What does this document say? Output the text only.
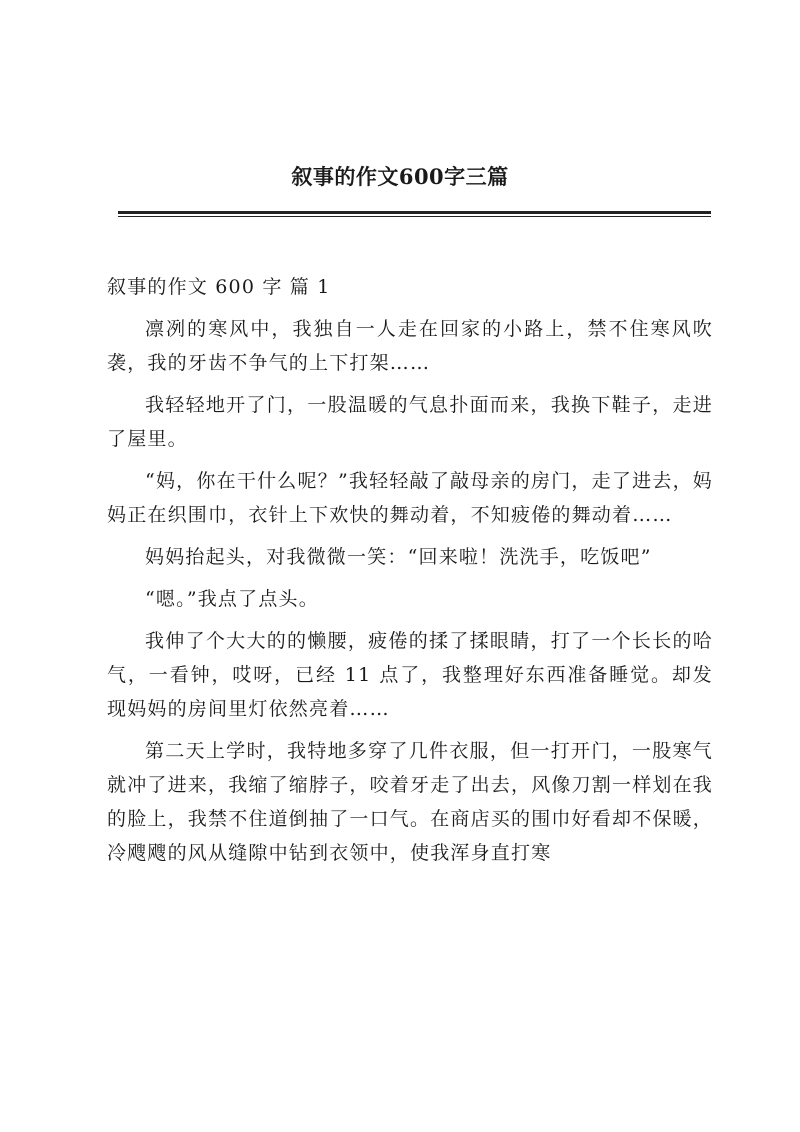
叙事的作文600字三篇
叙事的作文 600 字 篇 1

凛冽的寒风中，我独自一人走在回家的小路上，禁不住寒风吹袭，我的牙齿不争气的上下打架……

我轻轻地开了门，一股温暖的气息扑面而来，我换下鞋子，走进了屋里。

“妈，你在干什么呢？”我轻轻敲了敲母亲的房门，走了进去，妈妈正在织围巾，衣针上下欢快的舞动着，不知疲倦的舞动着……

妈妈抬起头，对我微微一笑：“回来啦！洗洗手，吃饭吧”

“嗯。”我点了点头。

我伸了个大大的的懒腰，疲倦的揉了揉眼睛，打了一个长长的哈气，一看钟，哎呀，已经 11 点了，我整理好东西准备睡觉。却发现妈妈的房间里灯依然亮着……

第二天上学时，我特地多穿了几件衣服，但一打开门，一股寒气就冲了进来，我缩了缩脖子，咬着牙走了出去，风像刀割一样划在我的脸上，我禁不住道倒抽了一口气。在商店买的围巾好看却不保暖，冷飕飕的风从缝隙中钻到衣领中，使我浑身直打寒
